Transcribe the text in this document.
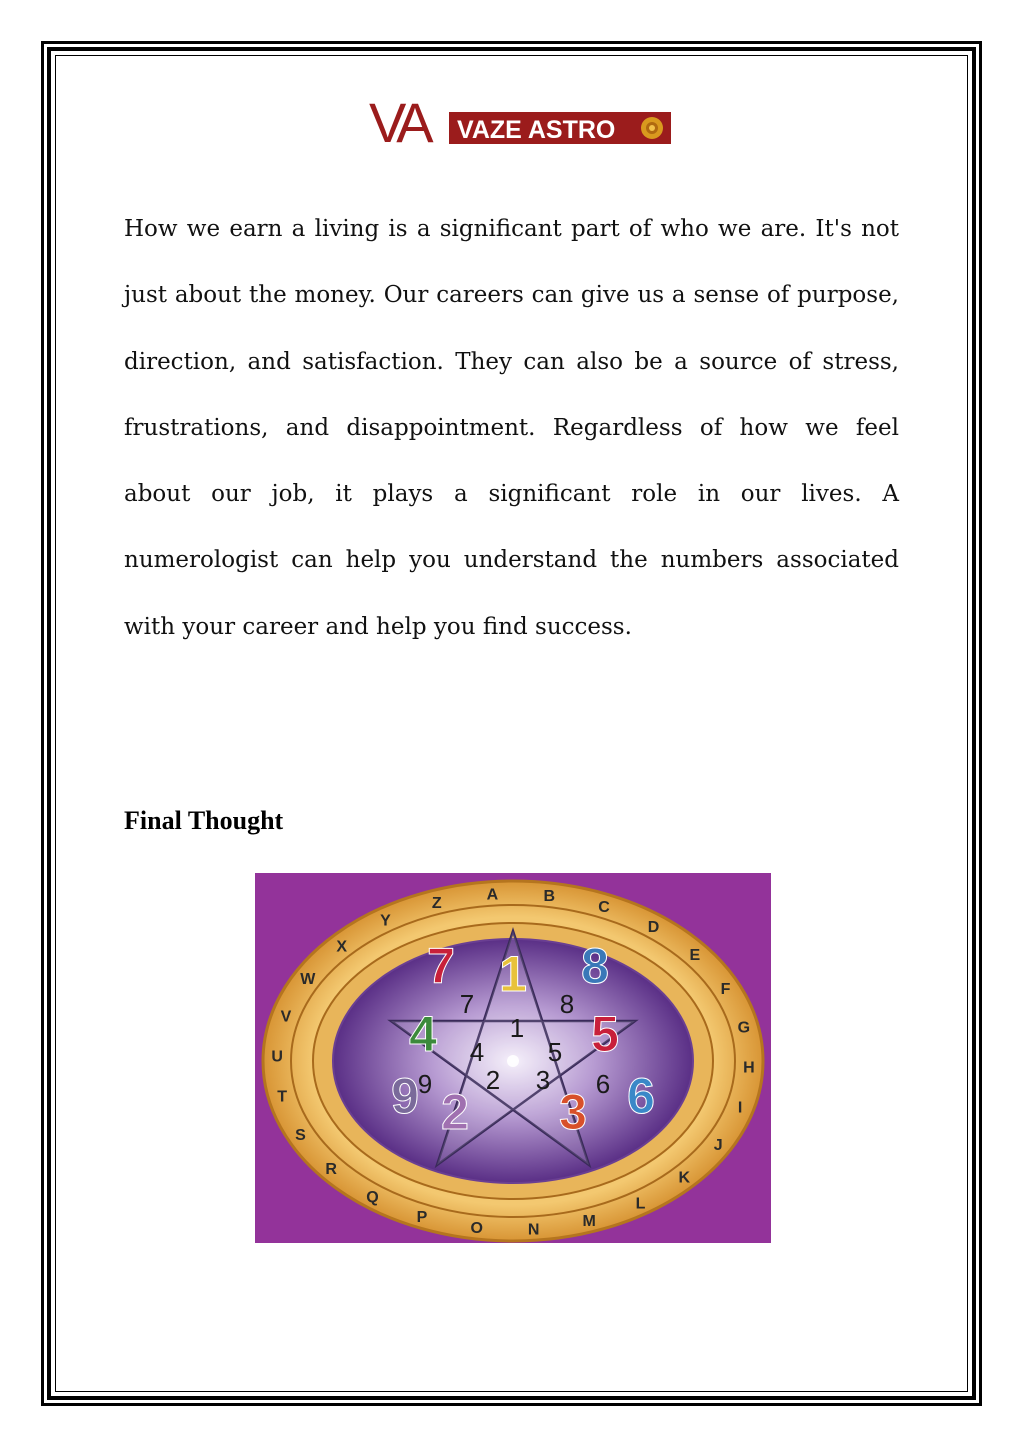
VA VAZE ASTRO

How we earn a living is a significant part of who we are. It's not just about the money. Our careers can give us a sense of purpose, direction, and satisfaction. They can also be a source of stress, frustrations, and disappointment. Regardless of how we feel about our job, it plays a significant role in our lives. A numerologist can help you understand the numbers associated with your career and help you find success.

Final Thought
A	B
C
D
E
F
G
H
I
J
K
L
M
N
O
P
Q
R
S
T
U
V
W
X
Y
Z
7 1 8
4	5
9 2 3 6
7	8
1
4 5
2 3
9	6
